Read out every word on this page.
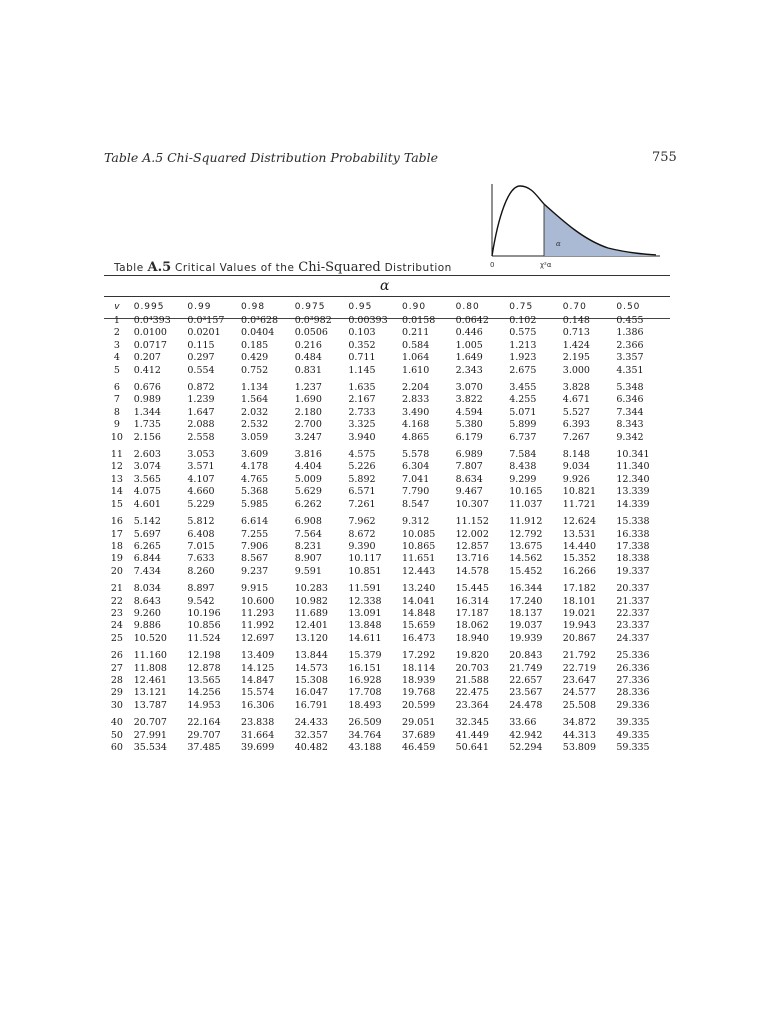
Table A.5 Chi-Squared Distribution Probability Table	755
0	χ²α
α
Table A.5 Critical Values of the Chi-Squared Distribution
α
v	0.995	0.99	0.98	0.975	0.95	0.90	0.80	0.75	0.70	0.50
1	0.0⁴393	0.0³157	0.0³628	0.0³982	0.00393	0.0158	0.0642	0.102	0.148	0.455
2	0.0100	0.0201	0.0404	0.0506	0.103	0.211	0.446	0.575	0.713	1.386
3	0.0717	0.115	0.185	0.216	0.352	0.584	1.005	1.213	1.424	2.366
4	0.207	0.297	0.429	0.484	0.711	1.064	1.649	1.923	2.195	3.357
5	0.412	0.554	0.752	0.831	1.145	1.610	2.343	2.675	3.000	4.351
6	0.676	0.872	1.134	1.237	1.635	2.204	3.070	3.455	3.828	5.348
7	0.989	1.239	1.564	1.690	2.167	2.833	3.822	4.255	4.671	6.346
8	1.344	1.647	2.032	2.180	2.733	3.490	4.594	5.071	5.527	7.344
9	1.735	2.088	2.532	2.700	3.325	4.168	5.380	5.899	6.393	8.343
10	2.156	2.558	3.059	3.247	3.940	4.865	6.179	6.737	7.267	9.342
11	2.603	3.053	3.609	3.816	4.575	5.578	6.989	7.584	8.148	10.341
12	3.074	3.571	4.178	4.404	5.226	6.304	7.807	8.438	9.034	11.340
13	3.565	4.107	4.765	5.009	5.892	7.041	8.634	9.299	9.926	12.340
14	4.075	4.660	5.368	5.629	6.571	7.790	9.467	10.165	10.821	13.339
15	4.601	5.229	5.985	6.262	7.261	8.547	10.307	11.037	11.721	14.339
16	5.142	5.812	6.614	6.908	7.962	9.312	11.152	11.912	12.624	15.338
17	5.697	6.408	7.255	7.564	8.672	10.085	12.002	12.792	13.531	16.338
18	6.265	7.015	7.906	8.231	9.390	10.865	12.857	13.675	14.440	17.338
19	6.844	7.633	8.567	8.907	10.117	11.651	13.716	14.562	15.352	18.338
20	7.434	8.260	9.237	9.591	10.851	12.443	14.578	15.452	16.266	19.337
21	8.034	8.897	9.915	10.283	11.591	13.240	15.445	16.344	17.182	20.337
22	8.643	9.542	10.600	10.982	12.338	14.041	16.314	17.240	18.101	21.337
23	9.260	10.196	11.293	11.689	13.091	14.848	17.187	18.137	19.021	22.337
24	9.886	10.856	11.992	12.401	13.848	15.659	18.062	19.037	19.943	23.337
25	10.520	11.524	12.697	13.120	14.611	16.473	18.940	19.939	20.867	24.337
26	11.160	12.198	13.409	13.844	15.379	17.292	19.820	20.843	21.792	25.336
27	11.808	12.878	14.125	14.573	16.151	18.114	20.703	21.749	22.719	26.336
28	12.461	13.565	14.847	15.308	16.928	18.939	21.588	22.657	23.647	27.336
29	13.121	14.256	15.574	16.047	17.708	19.768	22.475	23.567	24.577	28.336
30	13.787	14.953	16.306	16.791	18.493	20.599	23.364	24.478	25.508	29.336
40	20.707	22.164	23.838	24.433	26.509	29.051	32.345	33.66	34.872	39.335
50	27.991	29.707	31.664	32.357	34.764	37.689	41.449	42.942	44.313	49.335
60	35.534	37.485	39.699	40.482	43.188	46.459	50.641	52.294	53.809	59.335
